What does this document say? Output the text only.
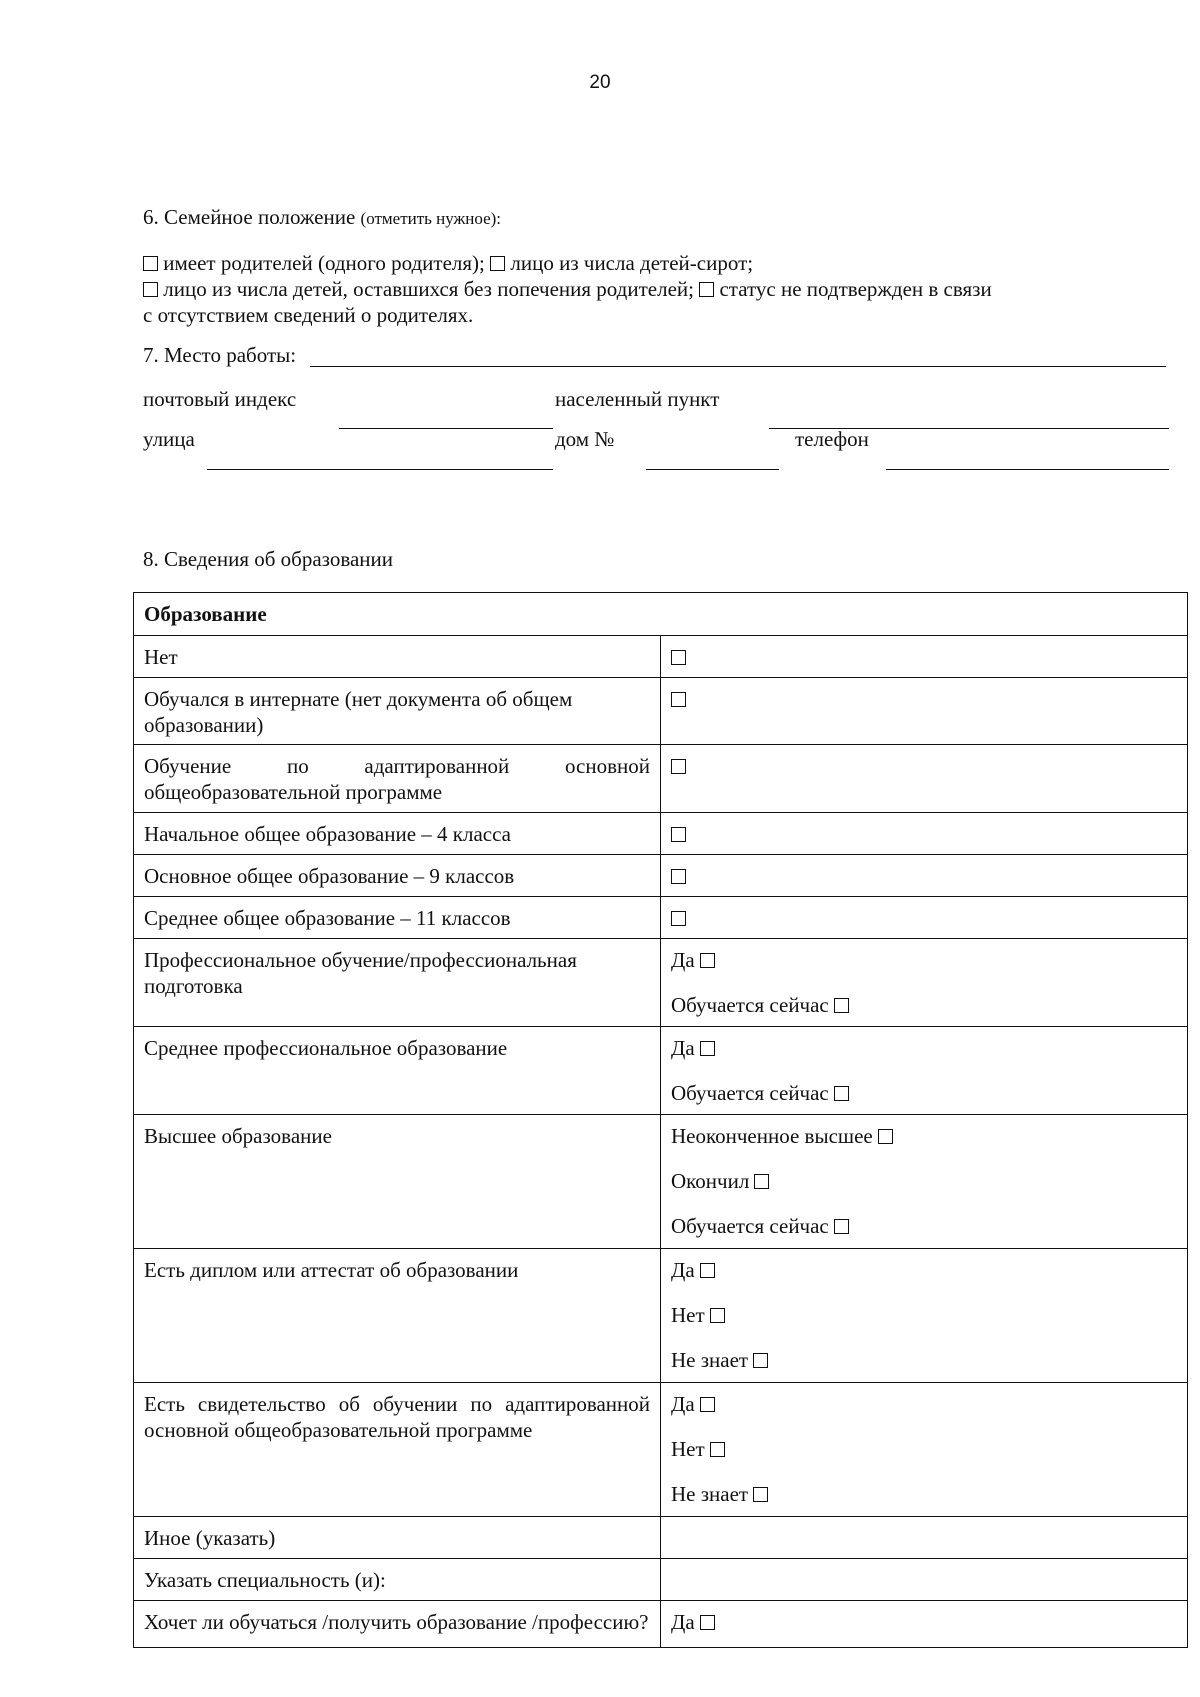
20
6. Семейное положение (отметить нужное):
имеет родителей (одного родителя); лицо из числа детей-сирот;
лицо из числа детей, оставшихся без попечения родителей; статус не подтвержден в связи
с отсутствием сведений о родителях.
7. Место работы:
почтовый индекс	населенный пункт
улица	дом №	телефон
8. Сведения об образовании
Образование	
Нет	
Обучался в интернате (нет документа об общем образовании)	
Обучение по адаптированной основной общеобразовательной программе	
Начальное общее образование – 4 класса	
Основное общее образование – 9 классов	
Среднее общее образование – 11 классов	
Профессиональное обучение/профессиональная подготовка	Да
Обучается сейчас

Среднее профессиональное образование	Да
Обучается сейчас

Высшее образование	Неоконченное высшее
Окончил
Обучается сейчас

Есть диплом или аттестат об образовании	Да
Нет
Не знает

Есть свидетельство об обучении по адаптированной основной общеобразовательной программе	Да
Нет
Не знает

Иное (указать)	
Указать специальность (и):	
Хочет ли обучаться /получить образование /профессию?	Да
